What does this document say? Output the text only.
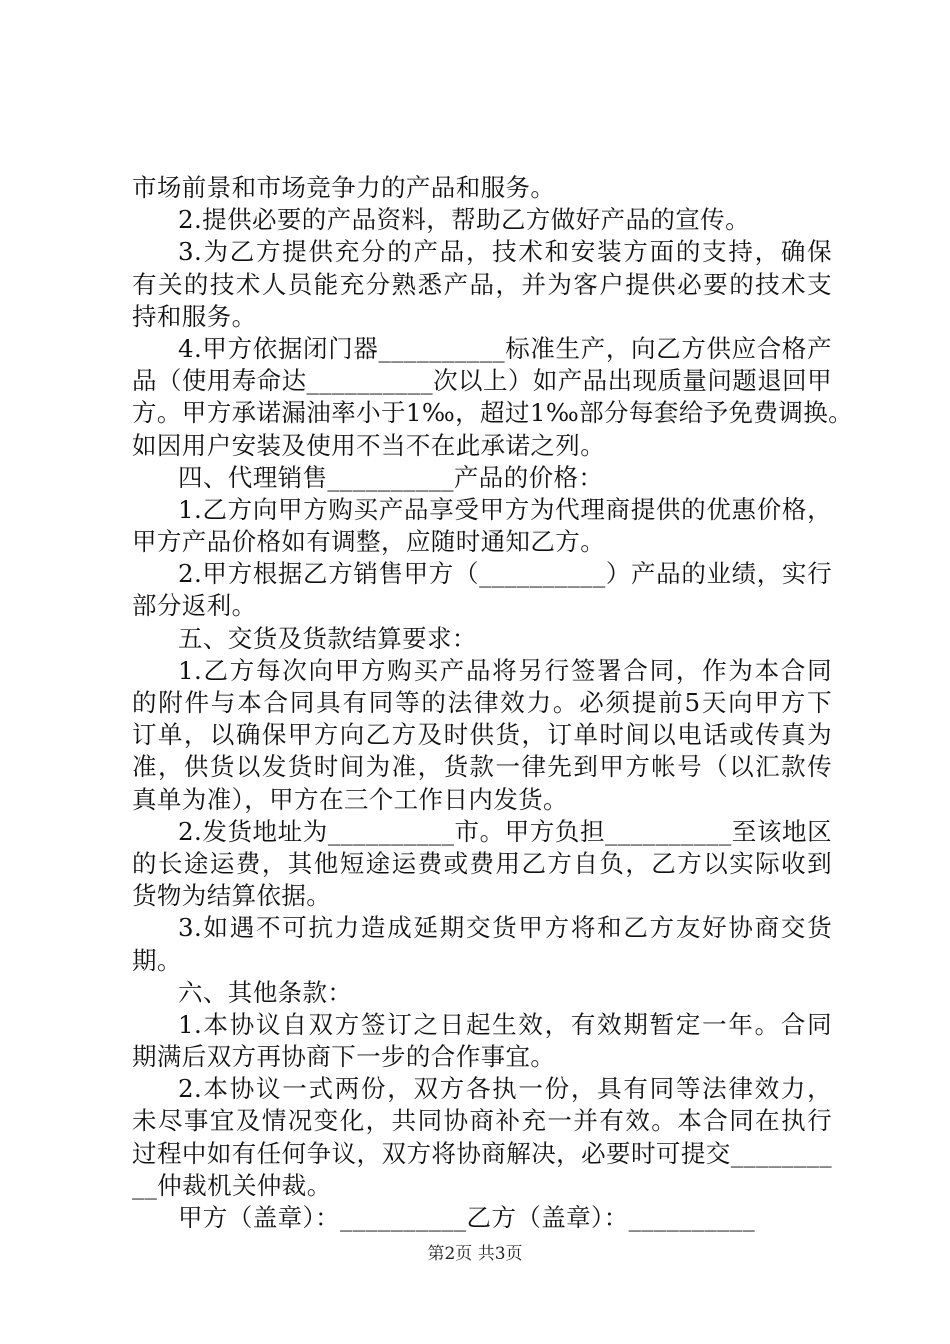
市场前景和市场竞争力的产品和服务。
2.提供必要的产品资料，帮助乙方做好产品的宣传。
3.为乙方提供充分的产品，技术和安装方面的支持，确保
有关的技术人员能充分熟悉产品，并为客户提供必要的技术支
持和服务。
4.甲方依据闭门器__________标准生产，向乙方供应合格产
品（使用寿命达__________次以上）如产品出现质量问题退回甲
方。甲方承诺漏油率小于1‰，超过1‰部分每套给予免费调换。
如因用户安装及使用不当不在此承诺之列。
四、代理销售__________产品的价格：
1.乙方向甲方购买产品享受甲方为代理商提供的优惠价格，
甲方产品价格如有调整，应随时通知乙方。
2.甲方根据乙方销售甲方（__________）产品的业绩，实行
部分返利。
五、交货及货款结算要求：
1.乙方每次向甲方购买产品将另行签署合同，作为本合同
的附件与本合同具有同等的法律效力。必须提前5天向甲方下
订单，以确保甲方向乙方及时供货，订单时间以电话或传真为
准，供货以发货时间为准，货款一律先到甲方帐号（以汇款传
真单为准），甲方在三个工作日内发货。
2.发货地址为__________市。甲方负担__________至该地区
的长途运费，其他短途运费或费用乙方自负，乙方以实际收到
货物为结算依据。
3.如遇不可抗力造成延期交货甲方将和乙方友好协商交货
期。
六、其他条款：
1.本协议自双方签订之日起生效，有效期暂定一年。合同
期满后双方再协商下一步的合作事宜。
2.本协议一式两份，双方各执一份，具有同等法律效力，
未尽事宜及情况变化，共同协商补充一并有效。本合同在执行
过程中如有任何争议，双方将协商解决，必要时可提交________
__仲裁机关仲裁。
甲方（盖章）：__________乙方（盖章）：__________
第2页 共3页
